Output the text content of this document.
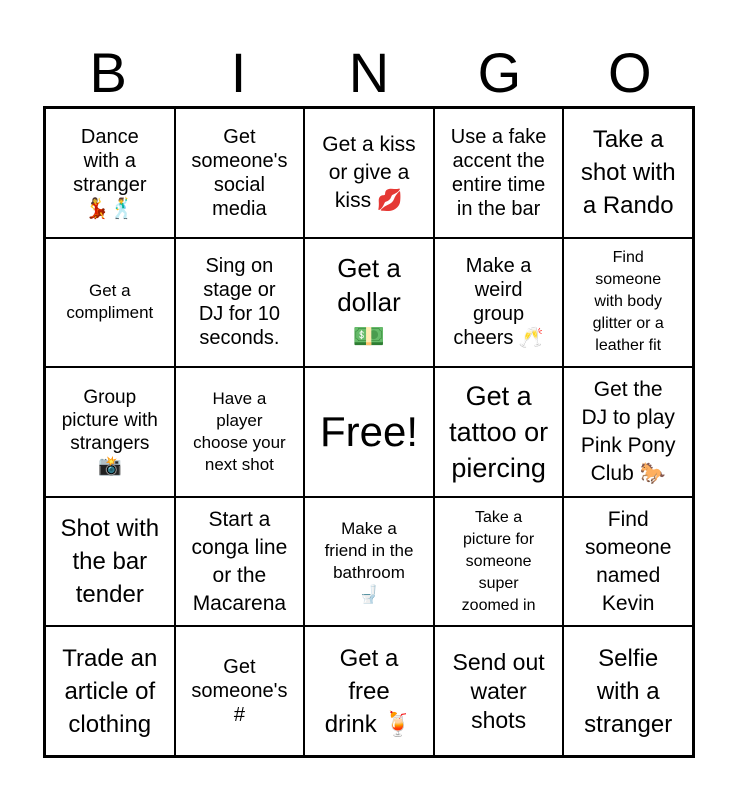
B	I	N	G	O
Dance
with a
stranger
💃🕺
Get
someone's
social
media
Get a kiss
or give a
kiss 💋
Use a fake
accent the
entire time
in the bar
Take a
shot with
a Rando
Get a
compliment
Sing on
stage or
DJ for 10
seconds.
Get a
dollar
💵
Make a
weird
group
cheers 🥂
Find
someone
with body
glitter or a
leather fit
Group
picture with
strangers
📸
Have a
player
choose your
next shot
Free!
Get a
tattoo or
piercing
Get the
DJ to play
Pink Pony
Club 🐎
Shot with
the bar
tender
Start a
conga line
or the
Macarena
Make a
friend in the
bathroom
🚽
Take a
picture for
someone
super
zoomed in
Find
someone
named
Kevin
Trade an
article of
clothing
Get
someone's
#
Get a
free
drink 🍹
Send out
water
shots
Selfie
with a
stranger
